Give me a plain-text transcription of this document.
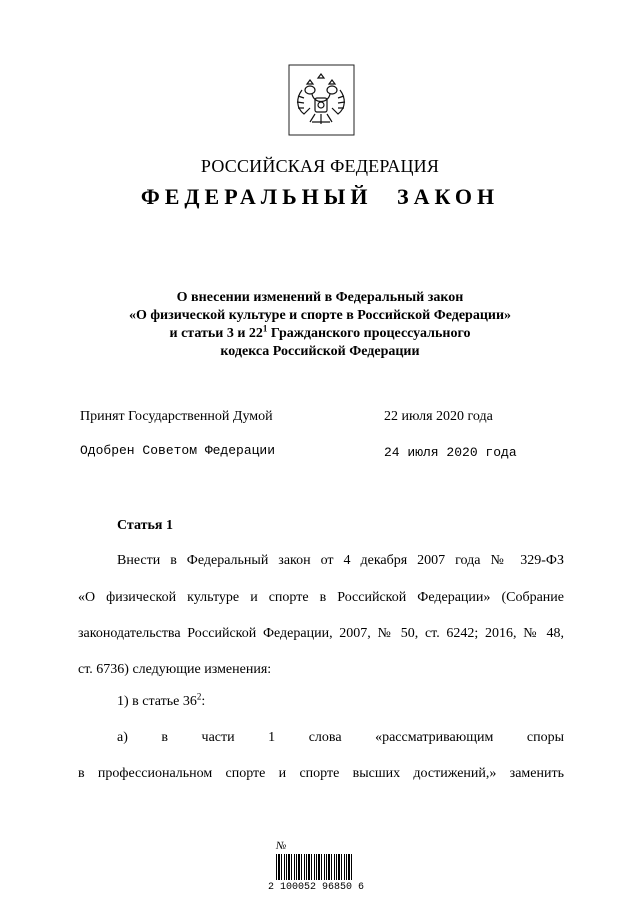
РОССИЙСКАЯ ФЕДЕРАЦИЯ
ФЕДЕРАЛЬНЫЙ ЗАКОН
О внесении изменений в Федеральный закон
«О физической культуре и спорте в Российской Федерации»
и статьи 3 и $22^1$ Гражданского процессуального
кодекса Российской Федерации
Принят Государственной Думой	22 июля 2020 года
Одобрен Советом Федерации	24 июля 2020 года
Статья 1
Внести в Федеральный закон от 4 декабря 2007 года № 329-ФЗ
«О физической культуре и спорте в Российской Федерации» (Собрание
законодательства Российской Федерации, 2007, № 50, ст. 6242; 2016, № 48,
ст. 6736) следующие изменения:
1) в статье $36^2$:
а) в части 1 слова «рассматривающим споры
в профессиональном спорте и спорте высших достижений,» заменить
№
2 100052 96850 6
